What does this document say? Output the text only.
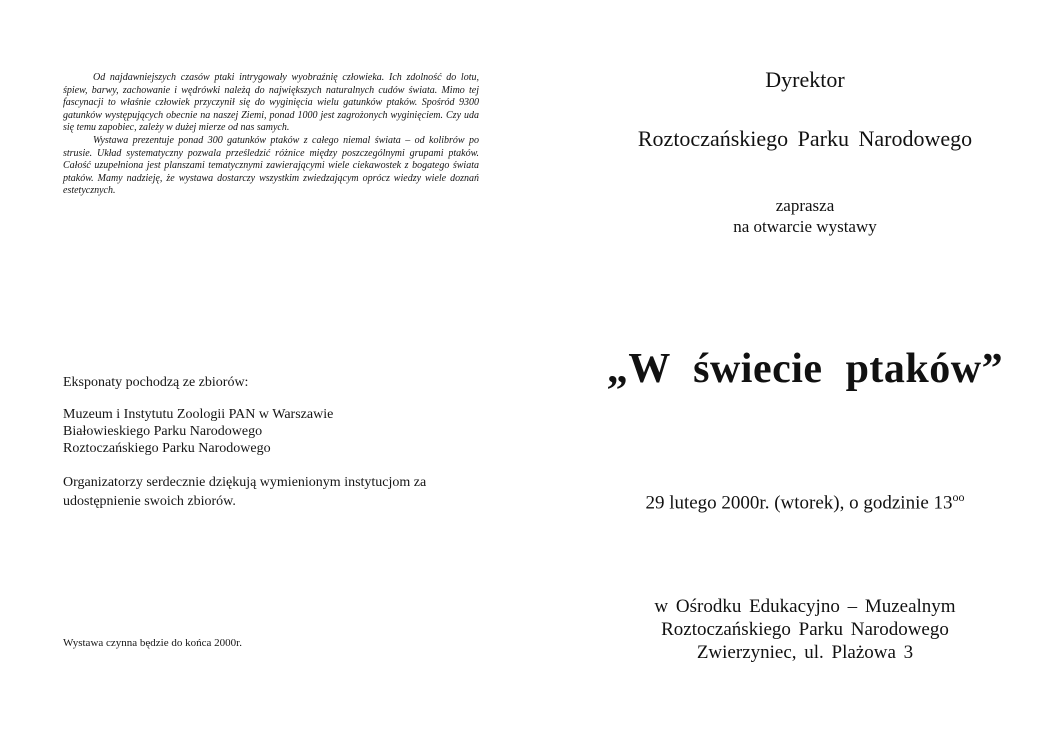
Od najdawniejszych czasów ptaki intrygowały wyobraźnię człowieka. Ich zdolność do lotu, śpiew, barwy, zachowanie i wędrówki należą do największych naturalnych cudów świata. Mimo tej fascynacji to właśnie człowiek przyczynił się do wyginięcia wielu gatunków ptaków. Spośród 9300 gatunków występujących obecnie na naszej Ziemi, ponad 1000 jest zagrożonych wyginięciem. Czy uda się temu zapobiec, zależy w dużej mierze od nas samych.

Wystawa prezentuje ponad 300 gatunków ptaków z całego niemal świata – od kolibrów po strusie. Układ systematyczny pozwala prześledzić różnice między poszczególnymi grupami ptaków. Całość uzupełniona jest planszami tematycznymi zawierającymi wiele ciekawostek z bogatego świata ptaków. Mamy nadzieję, że wystawa dostarczy wszystkim zwiedzającym oprócz wiedzy wiele doznań estetycznych.

Eksponaty pochodzą ze zbiorów:

Muzeum i Instytutu Zoologii PAN w Warszawie

Białowieskiego Parku Narodowego

Roztoczańskiego Parku Narodowego

Organizatorzy serdecznie dziękują wymienionym instytucjom za udostępnienie swoich zbiorów.

Wystawa czynna będzie do końca 2000r.
Dyrektor
Roztoczańskiego Parku Narodowego
zaprasza
na otwarcie wystawy
„W świecie ptaków”
29 lutego 2000r. (wtorek), o godzinie $13^{oo}$
w Ośrodku Edukacyjno – Muzealnym
Roztoczańskiego Parku Narodowego
Zwierzyniec, ul. Plażowa 3
